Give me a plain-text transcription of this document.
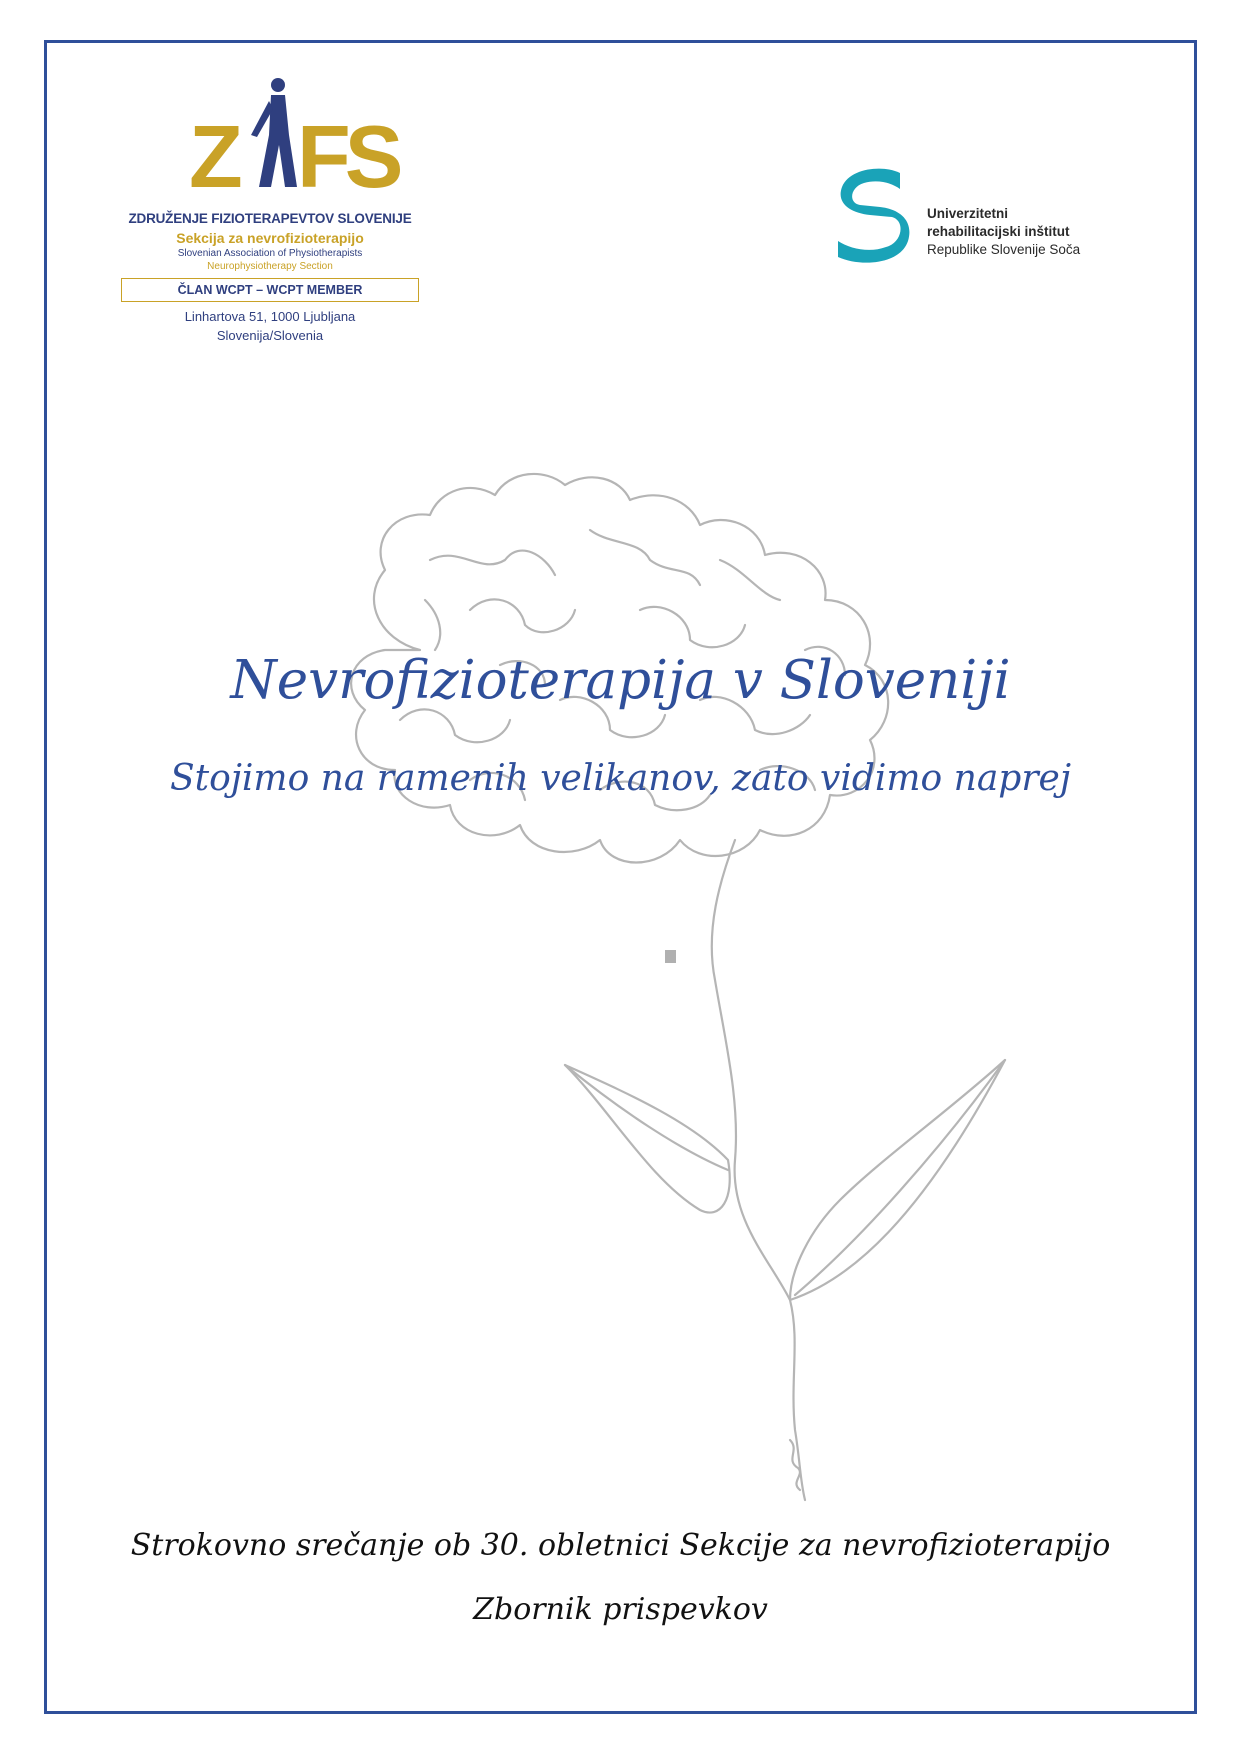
Z FS
ZDRUŽENJE FIZIOTERAPEVTOV SLOVENIJE
Sekcija za nevrofizioterapijo
Slovenian Association of Physiotherapists
Neurophysiotherapy Section
ČLAN WCPT – WCPT MEMBER
Linhartova 51, 1000 Ljubljana
Slovenija/Slovenia
Univerzitetni
rehabilitacijski inštitut
Republike Slovenije Soča
Nevrofizioterapija v Sloveniji
Stojimo na ramenih velikanov, zato vidimo naprej
Strokovno srečanje ob 30. obletnici Sekcije za nevrofizioterapijo
Zbornik prispevkov
